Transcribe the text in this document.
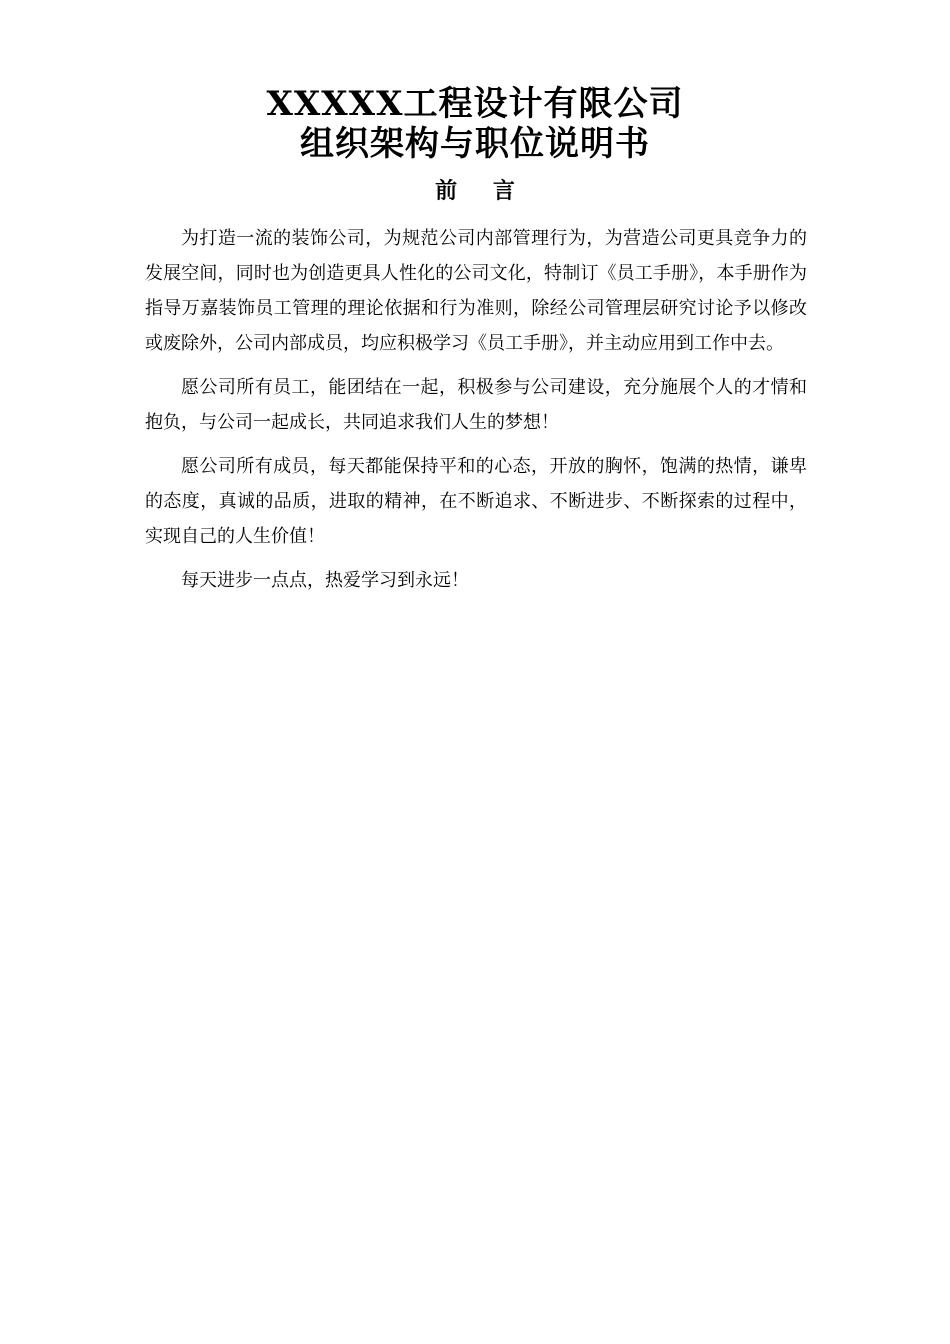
XXXXX工程设计有限公司
组织架构与职位说明书
前 言

为打造一流的装饰公司，为规范公司内部管理行为，为营造公司更具竞争力的发展空间，同时也为创造更具人性化的公司文化，特制订《员工手册》，本手册作为指导万嘉装饰员工管理的理论依据和行为准则，除经公司管理层研究讨论予以修改或废除外，公司内部成员，均应积极学习《员工手册》，并主动应用到工作中去。

愿公司所有员工，能团结在一起，积极参与公司建设，充分施展个人的才情和抱负，与公司一起成长，共同追求我们人生的梦想！

愿公司所有成员，每天都能保持平和的心态，开放的胸怀，饱满的热情，谦卑的态度，真诚的品质，进取的精神，在不断追求、不断进步、不断探索的过程中，实现自己的人生价值！

每天进步一点点，热爱学习到永远！
